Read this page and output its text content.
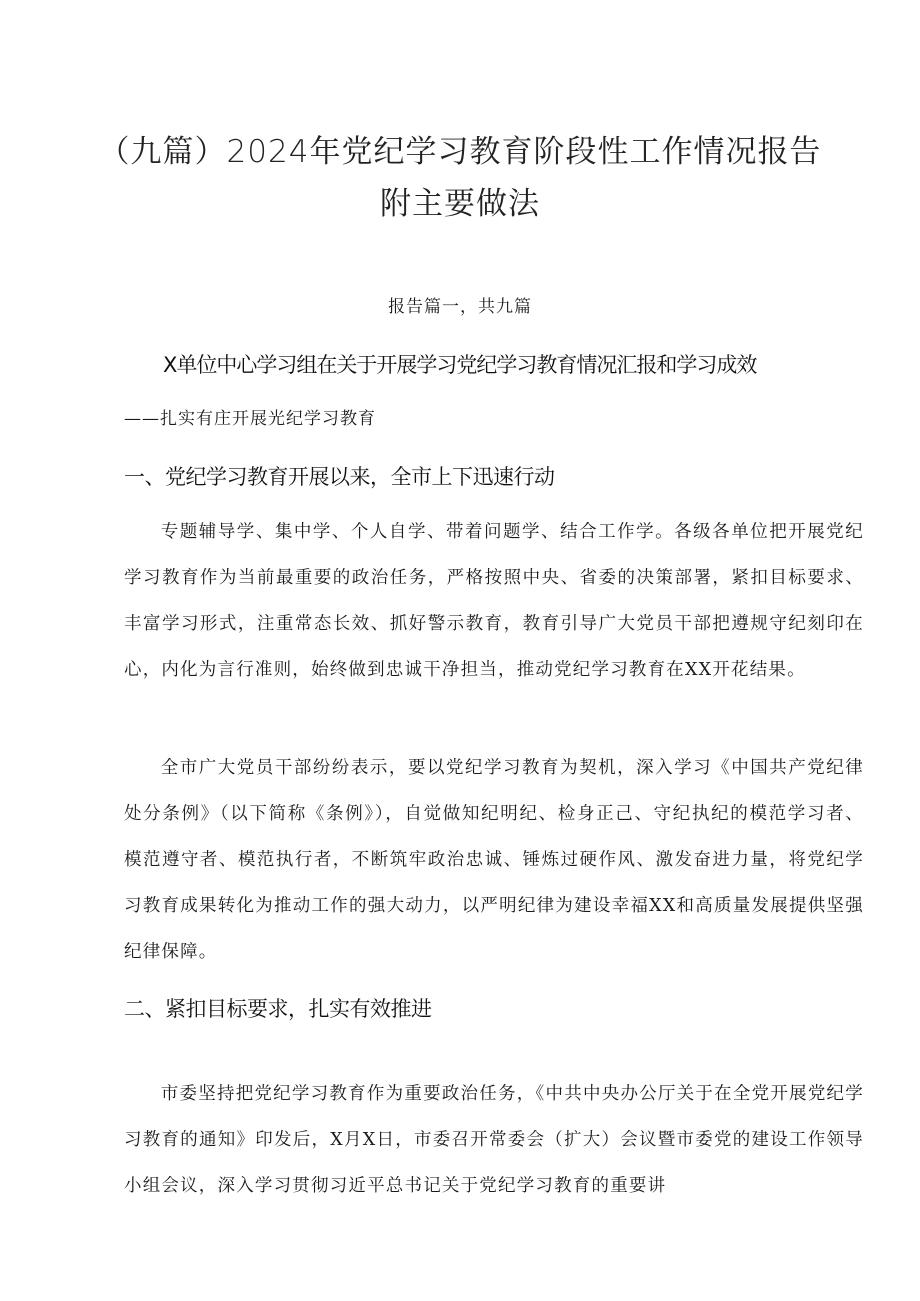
（九篇）2024年党纪学习教育阶段性工作情况报告
附主要做法
报告篇一，共九篇
X单位中心学习组在关于开展学习党纪学习教育情况汇报和学习成效
——扎实有庄开展光纪学习教育
一、党纪学习教育开展以来，全市上下迅速行动

专题辅导学、集中学、个人自学、带着问题学、结合工作学。各级各单位把开展党纪学习教育作为当前最重要的政治任务，严格按照中央、省委的决策部署，紧扣目标要求、丰富学习形式，注重常态长效、抓好警示教育，教育引导广大党员干部把遵规守纪刻印在心，内化为言行准则，始终做到忠诚干净担当，推动党纪学习教育在XX开花结果。

全市广大党员干部纷纷表示，要以党纪学习教育为契机，深入学习《中国共产党纪律处分条例》（以下简称《条例》），自觉做知纪明纪、检身正己、守纪执纪的模范学习者、模范遵守者、模范执行者，不断筑牢政治忠诚、锤炼过硬作风、激发奋进力量，将党纪学习教育成果转化为推动工作的强大动力，以严明纪律为建设幸福XX和高质量发展提供坚强纪律保障。

二、紧扣目标要求，扎实有效推进

市委坚持把党纪学习教育作为重要政治任务，《中共中央办公厅关于在全党开展党纪学习教育的通知》印发后，X月X日，市委召开常委会（扩大）会议暨市委党的建设工作领导小组会议，深入学习贯彻习近平总书记关于党纪学习教育的重要讲
